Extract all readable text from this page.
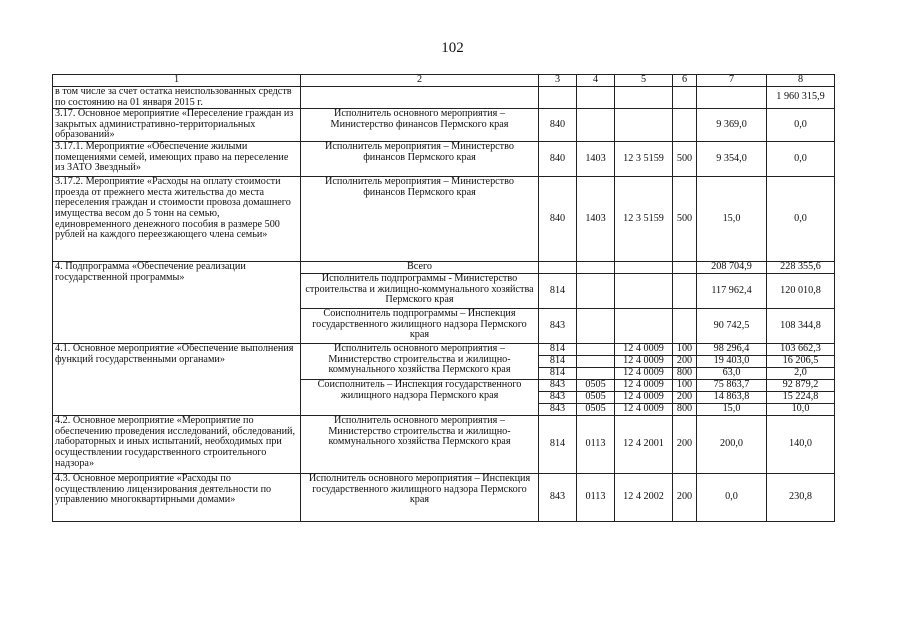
102
1	2	3	4	5	6	7	8
в том числе за счет остатка неиспользованных средств по состоянию на 01 января 2015 г.							1 960 315,9
3.17. Основное мероприятие «Переселение граждан из закрытых административно-территориальных образований»	Исполнитель основного мероприятия – Министерство финансов Пермского края	840				9 369,0	0,0
3.17.1. Мероприятие «Обеспечение жилыми помещениями семей, имеющих право на переселение из ЗАТО Звездный»	Исполнитель мероприятия – Министерство финансов Пермского края	840	1403	12 3 5159	500	9 354,0	0,0
3.17.2. Мероприятие «Расходы на оплату стоимости проезда от прежнего места жительства до места переселения граждан и стоимости провоза домашнего имущества весом до 5 тонн на семью, единовременного денежного пособия в размере 500 рублей на каждого переезжающего члена семьи»	Исполнитель мероприятия – Министерство финансов Пермского края	840	1403	12 3 5159	500	15,0	0,0
4. Подпрограмма «Обеспечение реализации государственной программы»	Всего					208 704,9	228 355,6
	Исполнитель подпрограммы - Министерство строительства и жилищно-коммунального хозяйства Пермского края	814				117 962,4	120 010,8
	Соисполнитель подпрограммы – Инспекция государственного жилищного надзора Пермского края	843				90 742,5	108 344,8
4.1. Основное мероприятие «Обеспечение выполнения функций государственными органами»	Исполнитель основного мероприятия – Министерство строительства и жилищно-коммунального хозяйства Пермского края	814		12 4 0009	100	98 296,4	103 662,3
		814		12 4 0009	200	19 403,0	16 206,5
		814		12 4 0009	800	63,0	2,0
	Соисполнитель – Инспекция государственного жилищного надзора Пермского края	843	0505	12 4 0009	100	75 863,7	92 879,2
		843	0505	12 4 0009	200	14 863,8	15 224,8
		843	0505	12 4 0009	800	15,0	10,0
4.2. Основное мероприятие «Мероприятие по обеспечению проведения исследований, обследований, лабораторных и иных испытаний, необходимых при осуществлении государственного строительного надзора»	Исполнитель основного мероприятия – Министерство строительства и жилищно-коммунального хозяйства Пермского края	814	0113	12 4 2001	200	200,0	140,0
4.3. Основное мероприятие «Расходы по осуществлению лицензирования деятельности по управлению многоквартирными домами»	Исполнитель основного мероприятия – Инспекция государственного жилищного надзора Пермского края	843	0113	12 4 2002	200	0,0	230,8
